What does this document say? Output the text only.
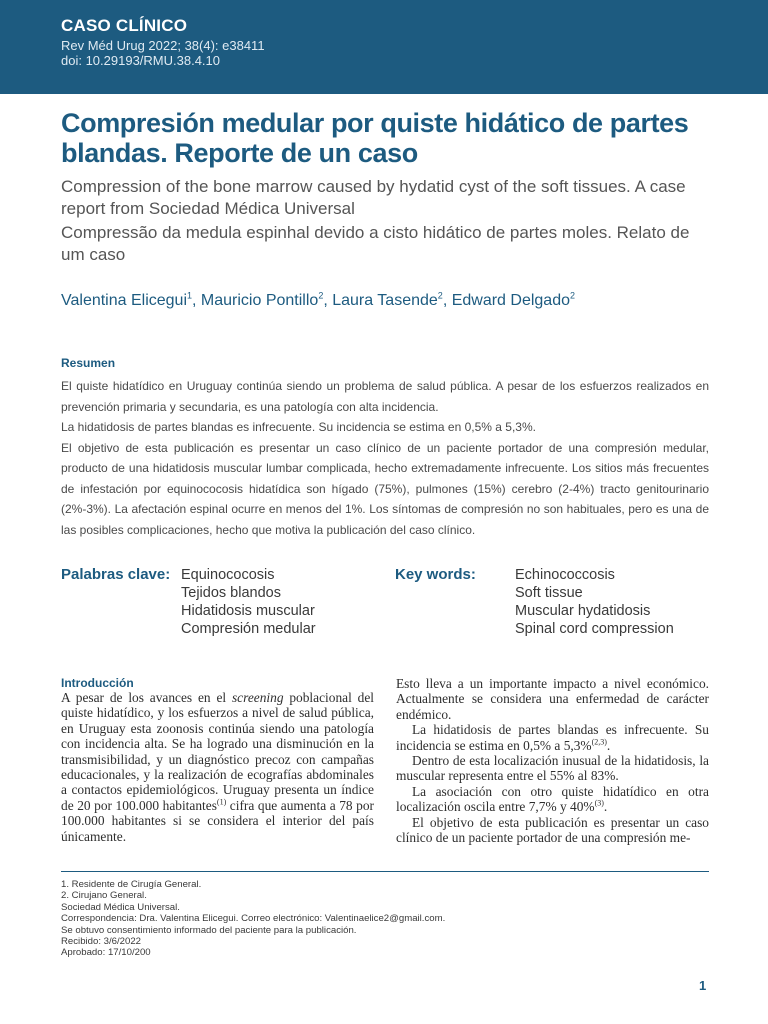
CASO CLÍNICO
Rev Méd Urug 2022; 38(4): e38411
doi: 10.29193/RMU.38.4.10
Compresión medular por quiste hidático de partes blandas. Reporte de un caso
Compression of the bone marrow caused by hydatid cyst of the soft tissues. A case report from Sociedad Médica Universal
Compressão da medula espinhal devido a cisto hidático de partes moles. Relato de um caso
Valentina Elicegui$^1$, Mauricio Pontillo$^2$, Laura Tasende$^2$, Edward Delgado$^2$
Resumen

El quiste hidatídico en Uruguay continúa siendo un problema de salud pública. A pesar de los esfuerzos realizados en prevención primaria y secundaria, es una patología con alta incidencia.

La hidatidosis de partes blandas es infrecuente. Su incidencia se estima en 0,5% a 5,3%.

El objetivo de esta publicación es presentar un caso clínico de un paciente portador de una compresión medular, producto de una hidatidosis muscular lumbar complicada, hecho extremadamente infrecuente. Los sitios más frecuentes de infestación por equinococosis hidatídica son hígado (75%), pulmones (15%) cerebro (2-4%) tracto genitourinario (2%-3%). La afectación espinal ocurre en menos del 1%. Los síntomas de compresión no son habituales, pero es una de las posibles complicaciones, hecho que motiva la publicación del caso clínico.

Palabras clave: Equinococosis
Tejidos blandos
Hidatidosis muscular
Compresión medular
Key words:	Echinococcosis
Soft tissue
Muscular hydatidosis
Spinal cord compression
Introducción

A pesar de los avances en el screening poblacional del quiste hidatídico, y los esfuerzos a nivel de salud pública, en Uruguay esta zoonosis continúa siendo una patología con incidencia alta. Se ha logrado una disminución en la transmisibilidad, y un diagnóstico precoz con campañas educacionales, y la realización de ecografías abdominales a contactos epidemiológicos. Uruguay presenta un índice de 20 por 100.000 habitantes$^{(1)}$ cifra que aumenta a 78 por 100.000 habitantes si se considera el interior del país únicamente.

Esto lleva a un importante impacto a nivel económico. Actualmente se considera una enfermedad de carácter endémico.

La hidatidosis de partes blandas es infrecuente. Su incidencia se estima en 0,5% a 5,3%$^{(2,3)}$.

Dentro de esta localización inusual de la hidatidosis, la muscular representa entre el 55% al 83%.

La asociación con otro quiste hidatídico en otra localización oscila entre 7,7% y 40%$^{(3)}$.

El objetivo de esta publicación es presentar un caso clínico de un paciente portador de una compresión me-

1. Residente de Cirugía General.
2. Cirujano General.
Sociedad Médica Universal.
Correspondencia: Dra. Valentina Elicegui. Correo electrónico: Valentinaelice2@gmail.com.
Se obtuvo consentimiento informado del paciente para la publicación.
Recibido: 3/6/2022
Aprobado: 17/10/200
1
